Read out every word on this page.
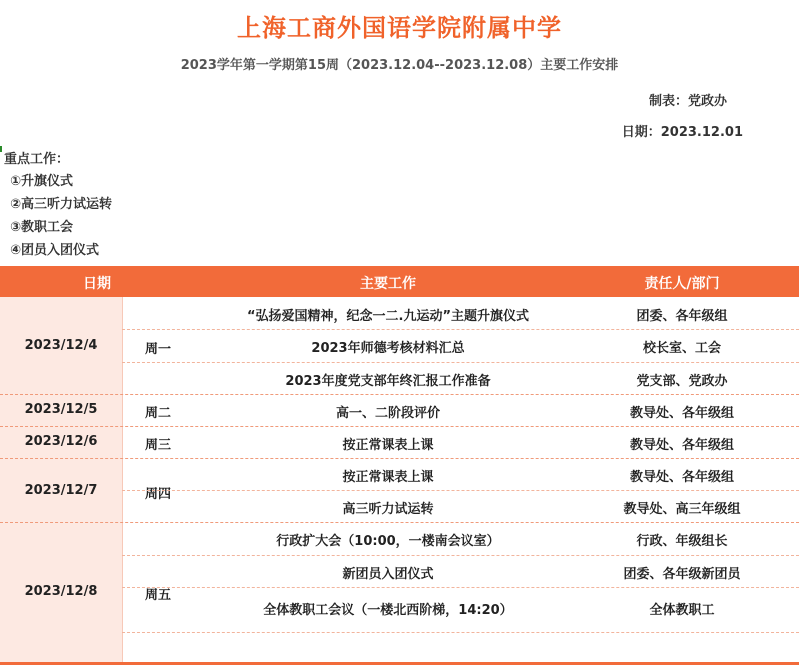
上海工商外国语学院附属中学
2023学年第一学期第15周（2023.12.04--2023.12.08）主要工作安排
制表：党政办
日期：2023.12.01
重点工作：
①升旗仪式
②高三听力试运转
③教职工会
④团员入团仪式
日期	主要工作	责任人/部门
2023/12/4	周一
“弘扬爱国精神，纪念一二.九运动”主题升旗仪式	团委、各年级组
2023年师德考核材料汇总	校长室、工会
2023年度党支部年终汇报工作准备	党支部、党政办
2023/12/5	周二	高一、二阶段评价	教导处、各年级组
2023/12/6	周三	按正常课表上课	教导处、各年级组
2023/12/7	周四
按正常课表上课	教导处、各年级组
高三听力试运转	教导处、高三年级组
2023/12/8	周五
行政扩大会（10:00，一楼南会议室）	行政、年级组长
新团员入团仪式	团委、各年级新团员
全体教职工会议（一楼北西阶梯，14:20）	全体教职工
